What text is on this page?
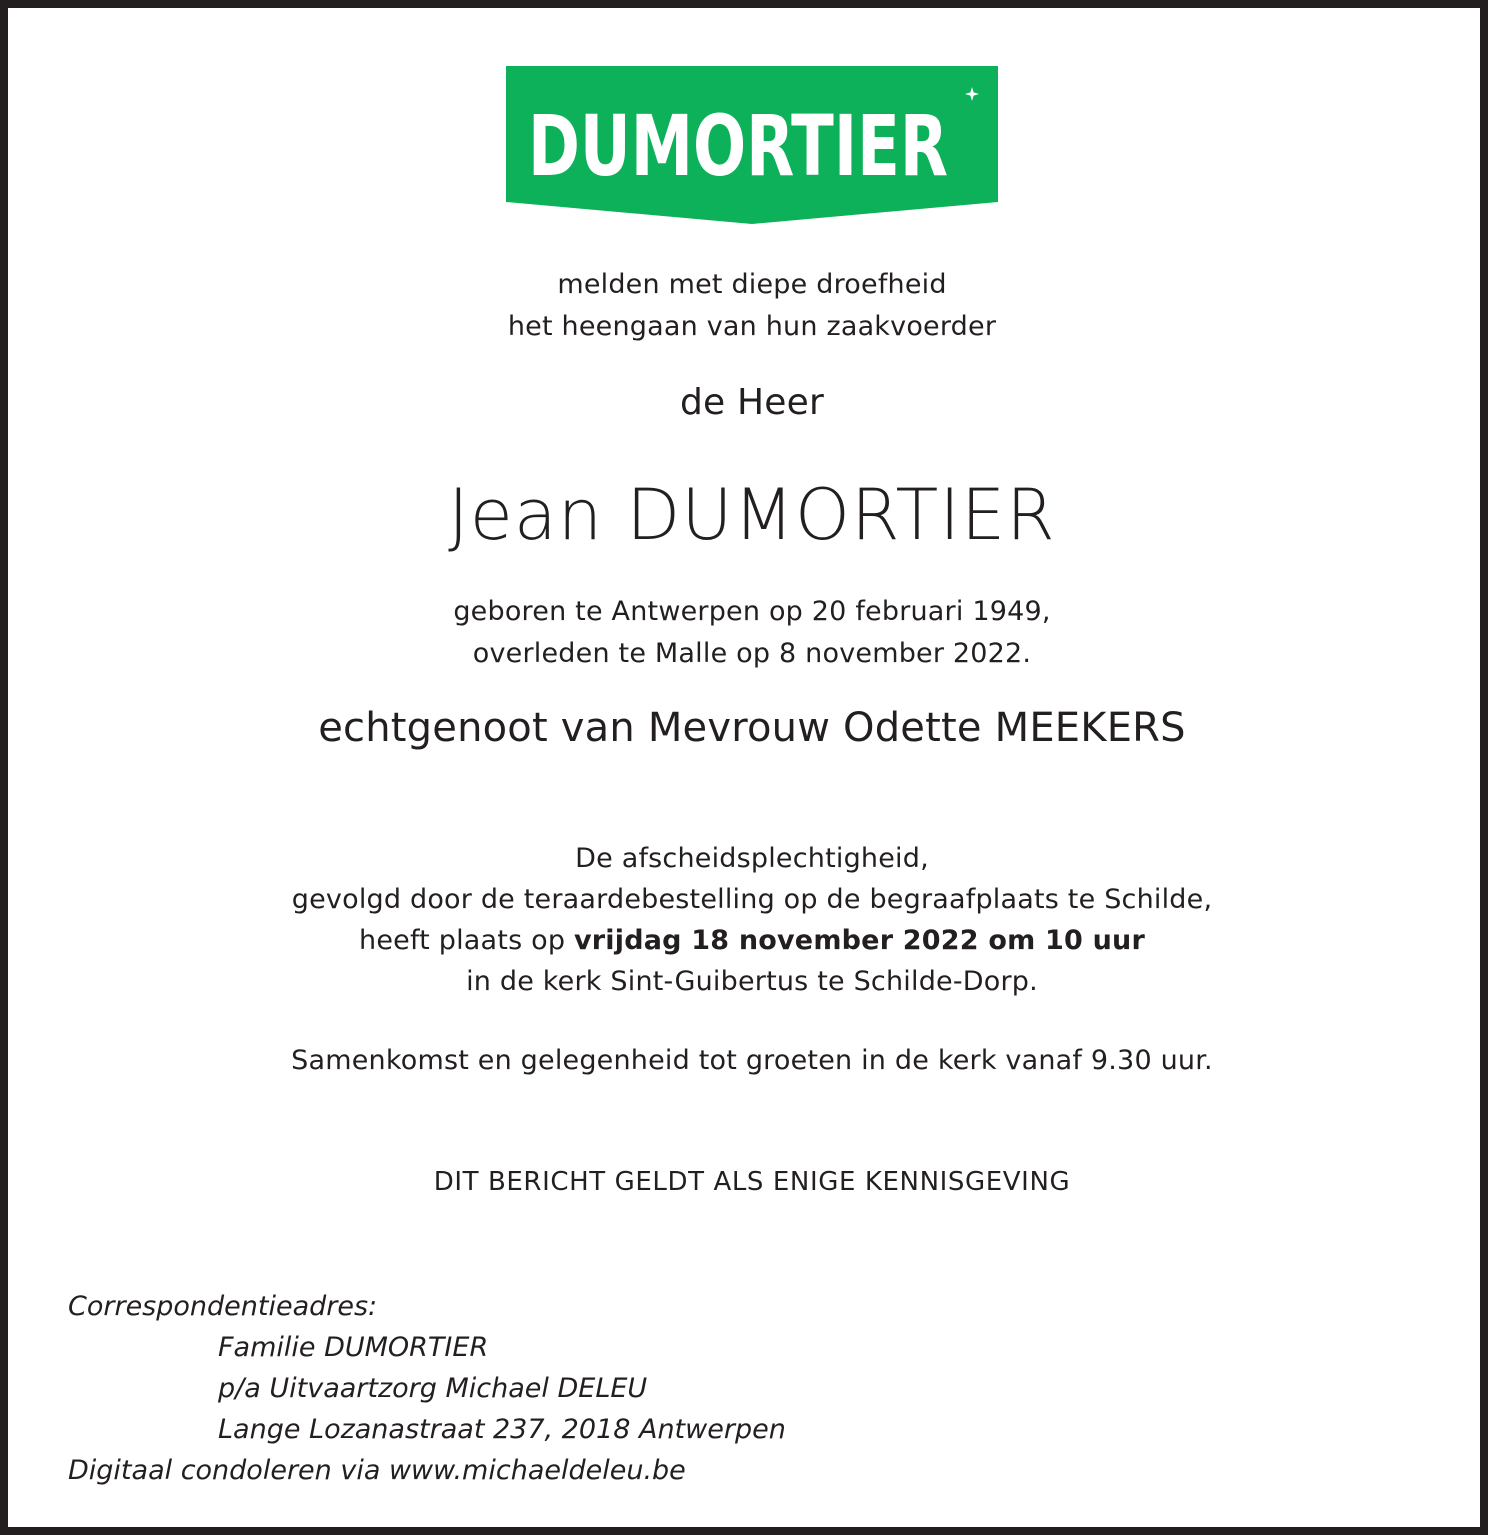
DUMORTIER
melden met diepe droefheid
het heengaan van hun zaakvoerder
de Heer
Jean DUMORTIER
geboren te Antwerpen op 20 februari 1949,
overleden te Malle op 8 november 2022.
echtgenoot van Mevrouw Odette MEEKERS
De afscheidsplechtigheid,
gevolgd door de teraardebestelling op de begraafplaats te Schilde,
heeft plaats op vrijdag 18 november 2022 om 10 uur
in de kerk Sint-Guibertus te Schilde-Dorp.
Samenkomst en gelegenheid tot groeten in de kerk vanaf 9.30 uur.
DIT BERICHT GELDT ALS ENIGE KENNISGEVING
Correspondentieadres:
Familie DUMORTIER
p/a Uitvaartzorg Michael DELEU
Lange Lozanastraat 237, 2018 Antwerpen
Digitaal condoleren via www.michaeldeleu.be
